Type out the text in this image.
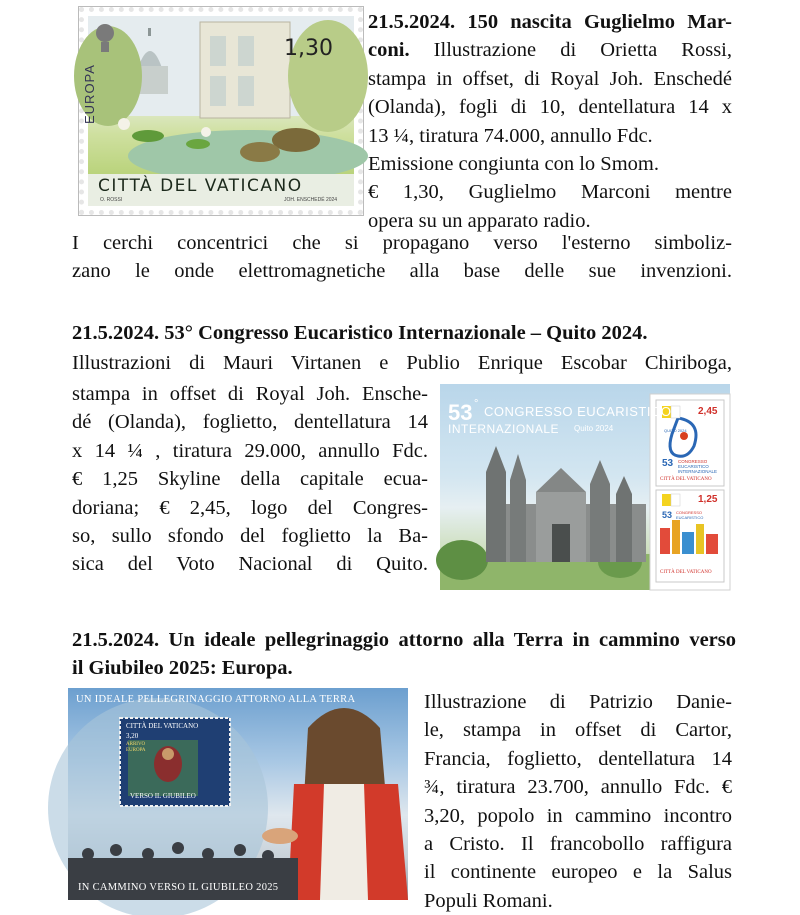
1,30
EUROPA
CITTÀ DEL VATICANO
O. ROSSI	JOH. ENSCHEDÉ 2024
21.5.2024. 150 nascita Guglielmo Mar-
coni. Illustrazione di Orietta Rossi,
stampa in offset, di Royal Joh. Enschedé
(Olanda), fogli di 10, dentellatura 14 x
13 ¼, tiratura 74.000, annullo Fdc.
Emissione congiunta con lo Smom.
€ 1,30, Guglielmo Marconi mentre
opera su un apparato radio.
I cerchi concentrici che si propagano verso l'esterno simboliz-
zano le onde elettromagnetiche alla base delle sue invenzioni.
21.5.2024. 53° Congresso Eucaristico Internazionale – Quito 2024.
Illustrazioni di Mauri Virtanen e Publio Enrique Escobar Chiriboga,
stampa in offset di Royal Joh. Ensche-
dé (Olanda), foglietto, dentellatura 14
x 14 ¼ , tiratura 29.000, annullo Fdc.
€ 1,25 Skyline della capitale ecua-
doriana; € 2,45, logo del Congres-
so, sullo sfondo del foglietto la Ba-
sica del Voto Nacional di Quito.
53 ° CONGRESSO EUCARISTICO
INTERNAZIONALE Quito 2024
2,45
QUITO 2024
53 CONGRESSO
EUCARISTICO
INTERNAZIONALE
CITTÀ DEL VATICANO
1,25
53 CONGRESSO
EUCARISTICO
CITTÀ DEL VATICANO
21.5.2024. Un ideale pellegrinaggio attorno alla Terra in cammino verso
il Giubileo 2025: Europa.
UN IDEALE PELLEGRINAGGIO ATTORNO ALLA TERRA
CITTÀ DEL VATICANO
3,20
ARRIVO
EUROPA
VERSO IL GIUBILEO
IN CAMMINO VERSO IL GIUBILEO 2025
Illustrazione di Patrizio Danie-
le, stampa in offset di Cartor,
Francia, foglietto, dentellatura 14
¾, tiratura 23.700, annullo Fdc. €
3,20, popolo in cammino incontro
a Cristo. Il francobollo raffigura
il continente europeo e la Salus
Populi Romani.
